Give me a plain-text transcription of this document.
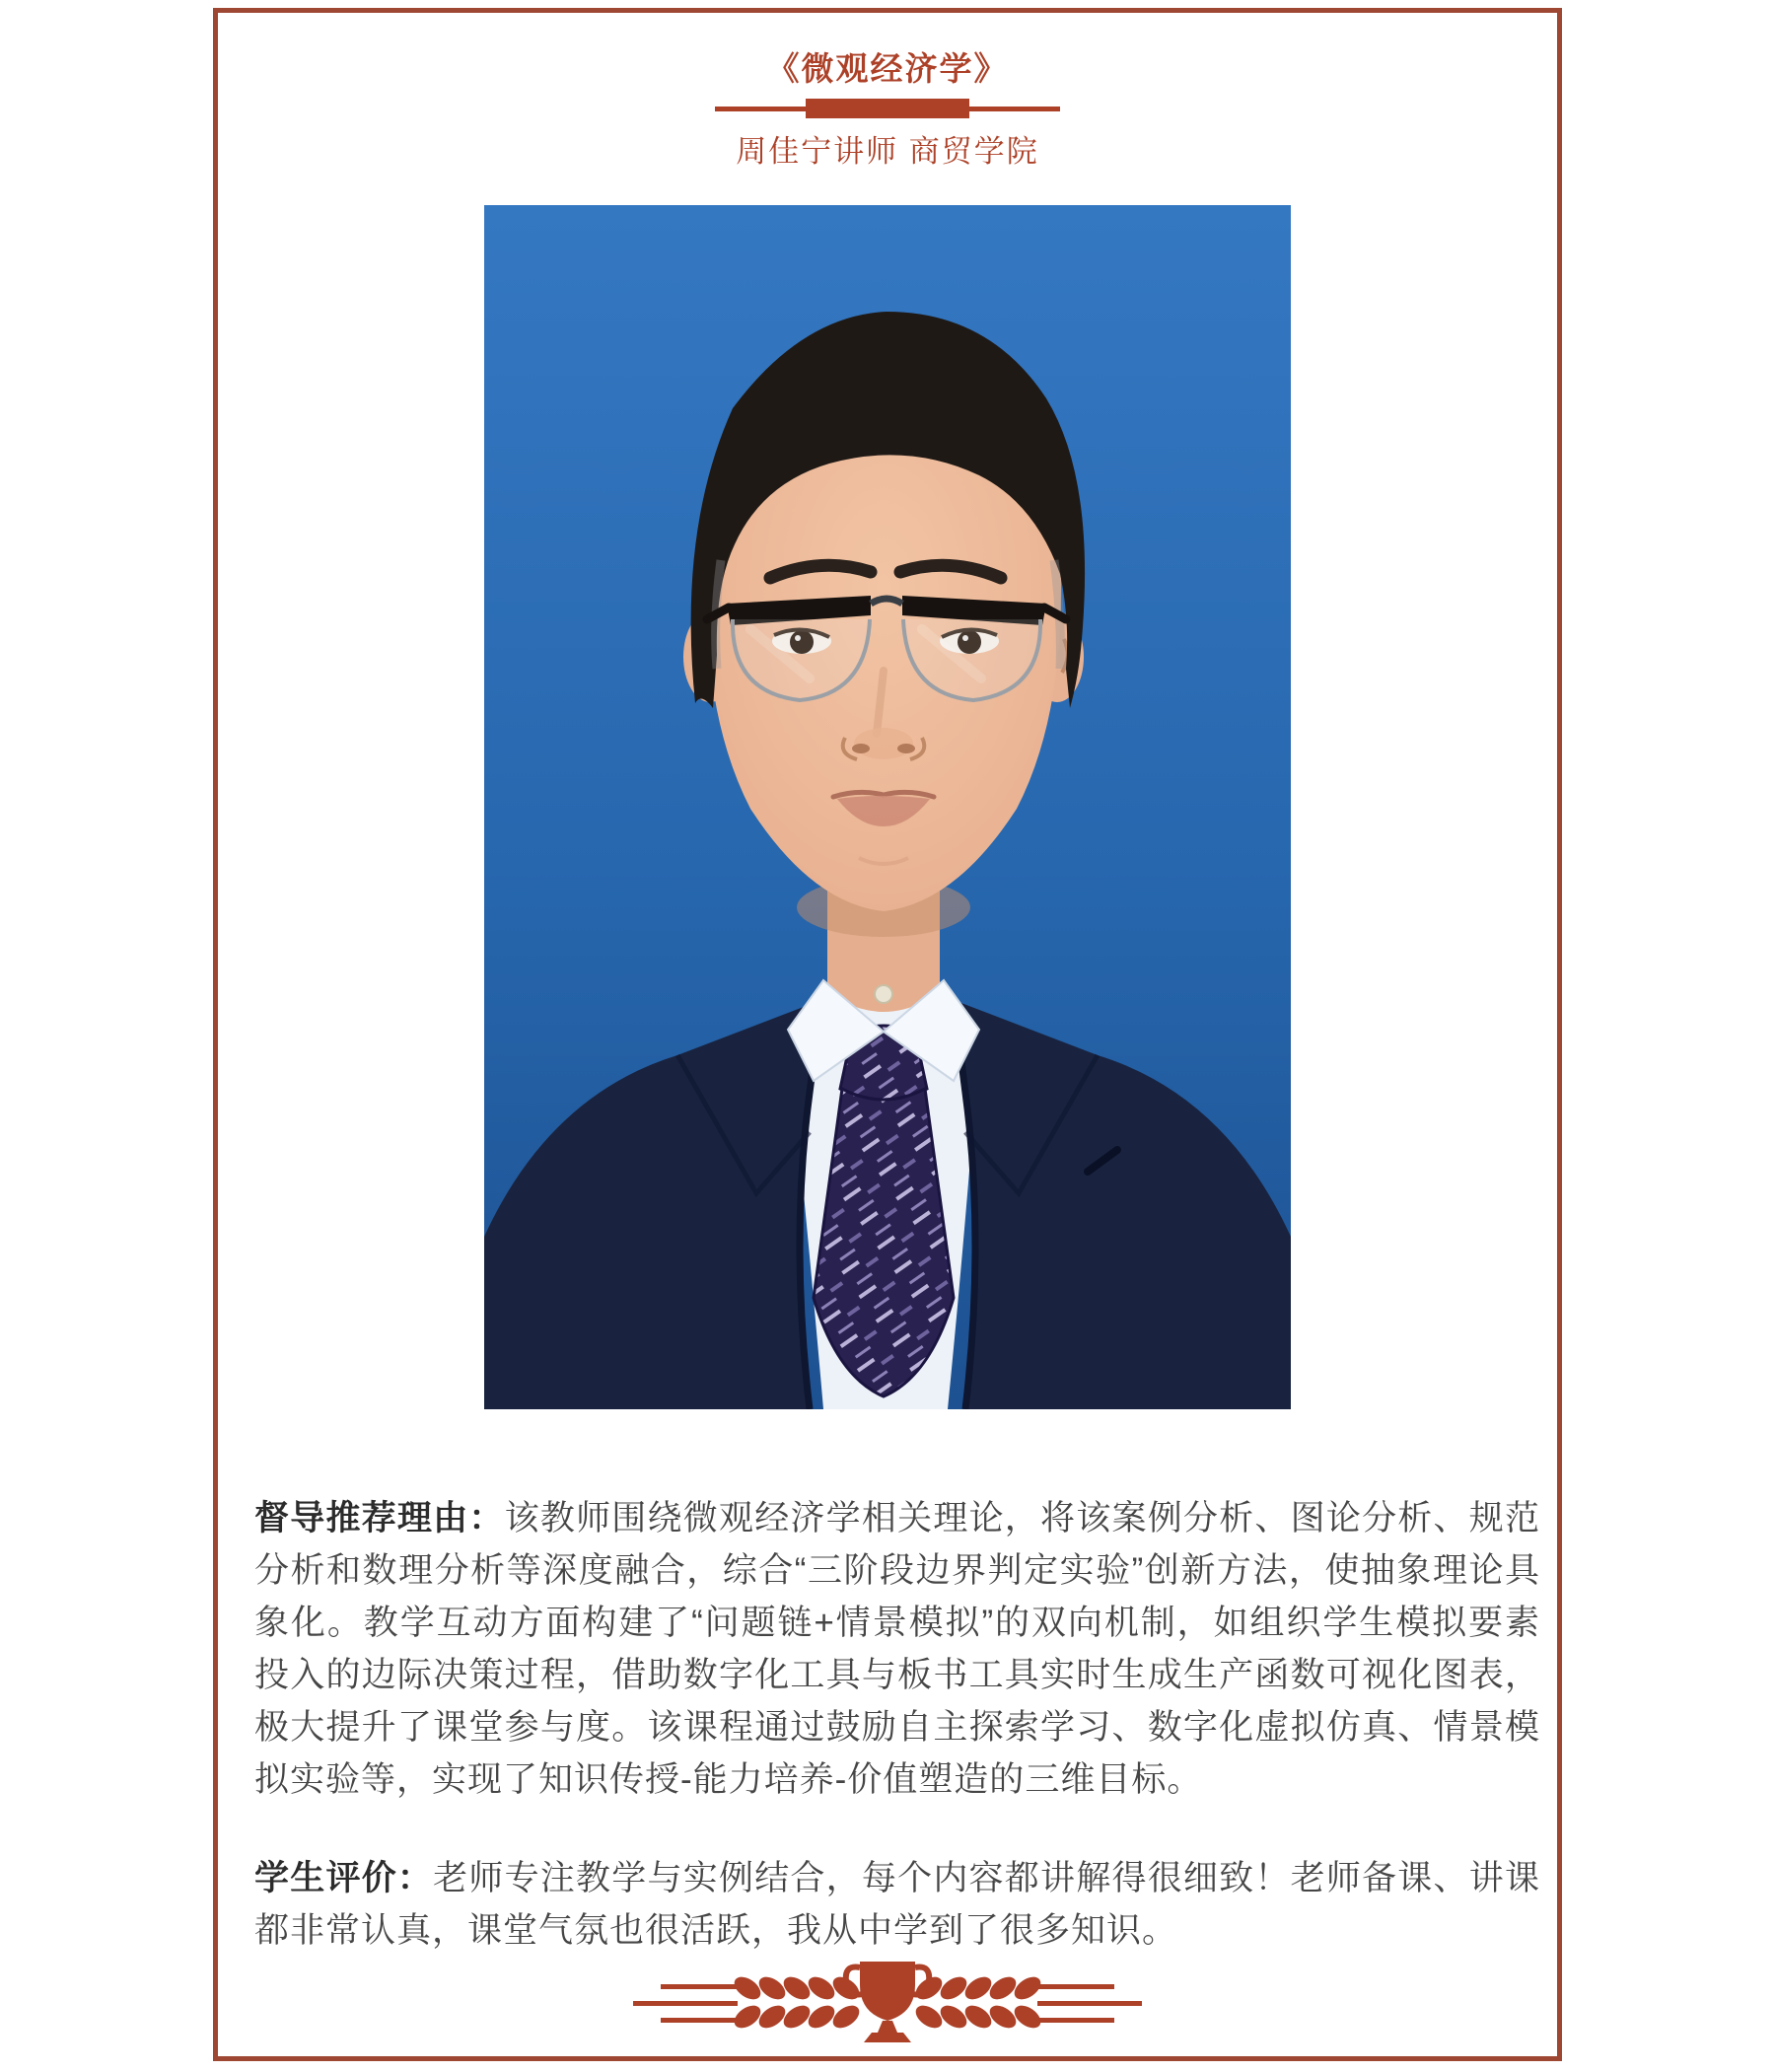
《微观经济学》
周佳宁讲师 商贸学院

督导推荐理由：该教师围绕微观经济学相关理论，将该案例分析、图论分析、规范分析和数理分析等深度融合，综合“三阶段边界判定实验”创新方法，使抽象理论具象化。教学互动方面构建了“问题链+情景模拟”的双向机制，如组织学生模拟要素投入的边际决策过程，借助数字化工具与板书工具实时生成生产函数可视化图表，极大提升了课堂参与度。该课程通过鼓励自主探索学习、数字化虚拟仿真、情景模拟实验等，实现了知识传授-能力培养-价值塑造的三维目标。

学生评价：老师专注教学与实例结合，每个内容都讲解得很细致！老师备课、讲课都非常认真，课堂气氛也很活跃，我从中学到了很多知识。
